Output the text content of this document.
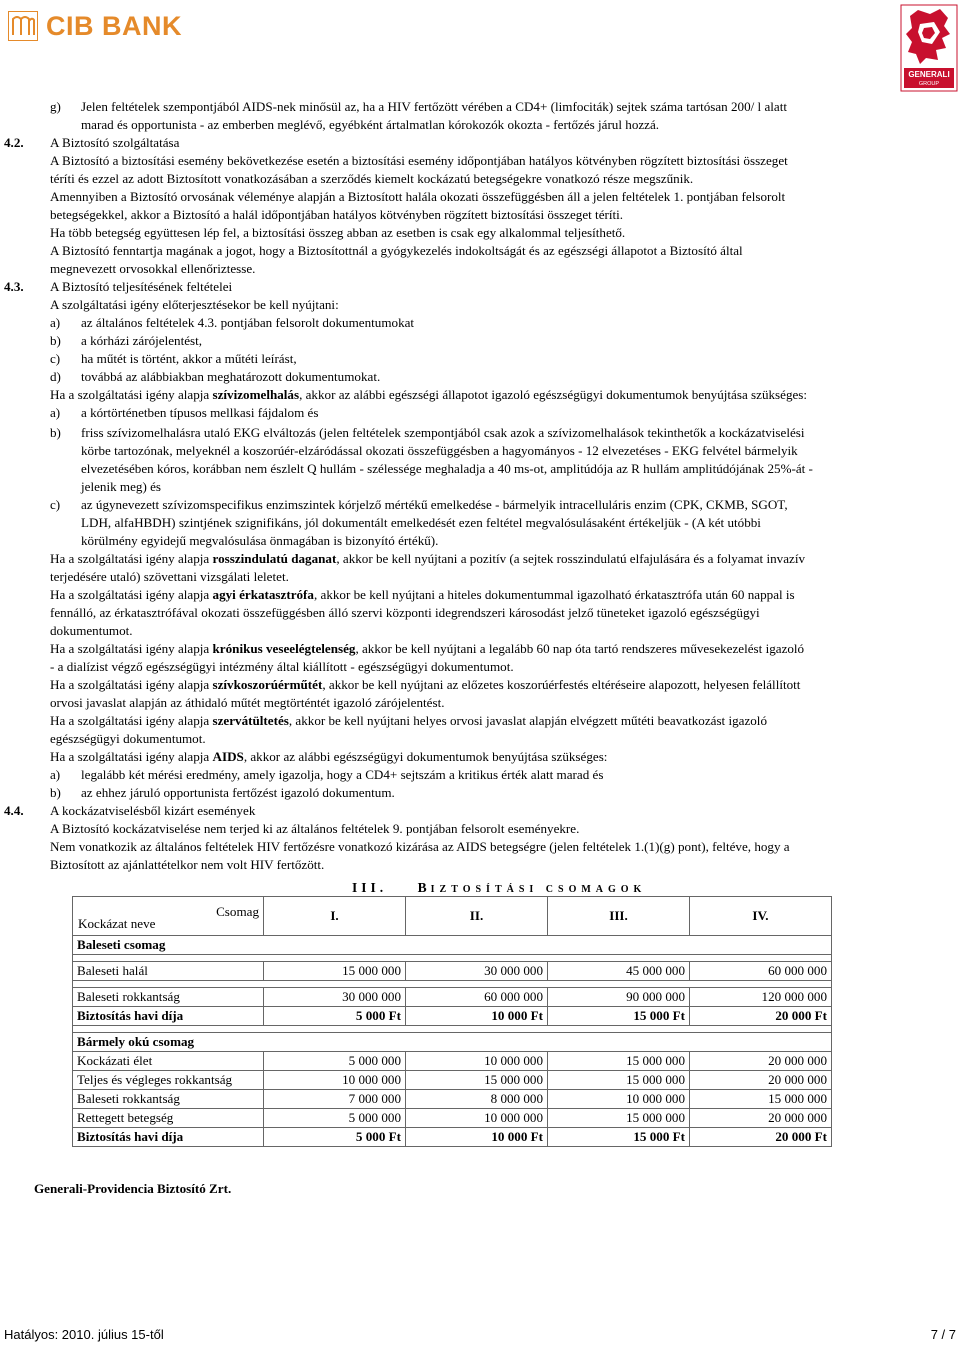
CIB BANK
GENERALI
GROUP
g)	Jelen feltételek szempontjából AIDS-nek minősül az, ha a HIV fertőzött vérében a CD4+ (limfociták) sejtek száma tartósan 200/ l alatt
marad és opportunista - az emberben meglévő, egyébként ártalmatlan kórokozók okozta - fertőzés járul hozzá.
4.2. A Biztosító szolgáltatása
A Biztosító a biztosítási esemény bekövetkezése esetén a biztosítási esemény időpontjában hatályos kötvényben rögzített biztosítási összeget
téríti és ezzel az adott Biztosított vonatkozásában a szerződés kiemelt kockázatú betegségekre vonatkozó része megszűnik.
Amennyiben a Biztosító orvosának véleménye alapján a Biztosított halála okozati összefüggésben áll a jelen feltételek 1. pontjában felsorolt
betegségekkel, akkor a Biztosító a halál időpontjában hatályos kötvényben rögzített biztosítási összeget téríti.
Ha több betegség együttesen lép fel, a biztosítási összeg abban az esetben is csak egy alkalommal teljesíthető.
A Biztosító fenntartja magának a jogot, hogy a Biztosítottnál a gyógykezelés indokoltságát és az egészségi állapotot a Biztosító által
megnevezett orvosokkal ellenőriztesse.
4.3. A Biztosító teljesítésének feltételei
A szolgáltatási igény előterjesztésekor be kell nyújtani:
a)	az általános feltételek 4.3. pontjában felsorolt dokumentumokat
b)	a kórházi zárójelentést,
c)	ha műtét is történt, akkor a műtéti leírást,
d)	továbbá az alábbiakban meghatározott dokumentumokat.
Ha a szolgáltatási igény alapja szívizomelhalás, akkor az alábbi egészségi állapotot igazoló egészségügyi dokumentumok benyújtása szükséges:
a)	a kórtörténetben típusos mellkasi fájdalom és
b)	friss szívizomelhalásra utaló EKG elváltozás (jelen feltételek szempontjából csak azok a szívizomelhalások tekinthetők a kockázatviselési
körbe tartozónak, melyeknél a koszorúér-elzáródással okozati összefüggésben a hagyományos - 12 elvezetéses - EKG felvétel bármelyik
elvezetésében kóros, korábban nem észlelt Q hullám - szélessége meghaladja a 40 ms-ot, amplitúdója az R hullám amplitúdójának 25%-át -
jelenik meg) és
c)	az úgynevezett szívizomspecifikus enzimszintek kórjelző mértékű emelkedése - bármelyik intracelluláris enzim (CPK, CKMB, SGOT,
LDH, alfaHBDH) szintjének szignifikáns, jól dokumentált emelkedését ezen feltétel megvalósulásaként értékeljük - (A két utóbbi
körülmény egyidejű megvalósulása önmagában is bizonyító értékű).
Ha a szolgáltatási igény alapja rosszindulatú daganat, akkor be kell nyújtani a pozitív (a sejtek rosszindulatú elfajulására és a folyamat invazív
terjedésére utaló) szövettani vizsgálati leletet.
Ha a szolgáltatási igény alapja agyi érkatasztrófa, akkor be kell nyújtani a hiteles dokumentummal igazolható érkatasztrófa után 60 nappal is
fennálló, az érkatasztrófával okozati összefüggésben álló szervi központi idegrendszeri károsodást jelző tüneteket igazoló egészségügyi
dokumentumot.
Ha a szolgáltatási igény alapja krónikus veseelégtelenség, akkor be kell nyújtani a legalább 60 nap óta tartó rendszeres művesekezelést igazoló
- a dialízist végző egészségügyi intézmény által kiállított - egészségügyi dokumentumot.
Ha a szolgáltatási igény alapja szívkoszorúérműtét, akkor be kell nyújtani az előzetes koszorúérfestés eltéréseire alapozott, helyesen felállított
orvosi javaslat alapján az áthidaló műtét megtörténtét igazoló zárójelentést.
Ha a szolgáltatási igény alapja szervátültetés, akkor be kell nyújtani helyes orvosi javaslat alapján elvégzett műtéti beavatkozást igazoló
egészségügyi dokumentumot.
Ha a szolgáltatási igény alapja AIDS, akkor az alábbi egészségügyi dokumentumok benyújtása szükséges:
a)	legalább két mérési eredmény, amely igazolja, hogy a CD4+ sejtszám a kritikus érték alatt marad és
b)	az ehhez járuló opportunista fertőzést igazoló dokumentum.
4.4. A kockázatviselésből kizárt események
A Biztosító kockázatviselése nem terjed ki az általános feltételek 9. pontjában felsorolt eseményekre.
Nem vonatkozik az általános feltételek HIV fertőzésre vonatkozó kizárása az AIDS betegségre (jelen feltételek 1.(1)(g) pont), feltéve, hogy a
Biztosított az ajánlattételkor nem volt HIV fertőzött.
III. BIZTOSÍTÁSI CSOMAGOK
Csomag
Kockázat neve	I.	II.	III.	IV.
Baleseti csomag				

Baleseti halál	15 000 000	30 000 000	45 000 000	60 000 000

Baleseti rokkantság	30 000 000	60 000 000	90 000 000	120 000 000
Biztosítás havi díja	5 000 Ft	10 000 Ft	15 000 Ft	20 000 Ft

Bármely okú csomag				
Kockázati élet	5 000 000	10 000 000	15 000 000	20 000 000
Teljes és végleges rokkantság	10 000 000	15 000 000	15 000 000	20 000 000
Baleseti rokkantság	7 000 000	8 000 000	10 000 000	15 000 000
Rettegett betegség	5 000 000	10 000 000	15 000 000	20 000 000
Biztosítás havi díja	5 000 Ft	10 000 Ft	15 000 Ft	20 000 Ft
Generali-Providencia Biztosító Zrt.
Hatályos: 2010. július 15-től	7 / 7
